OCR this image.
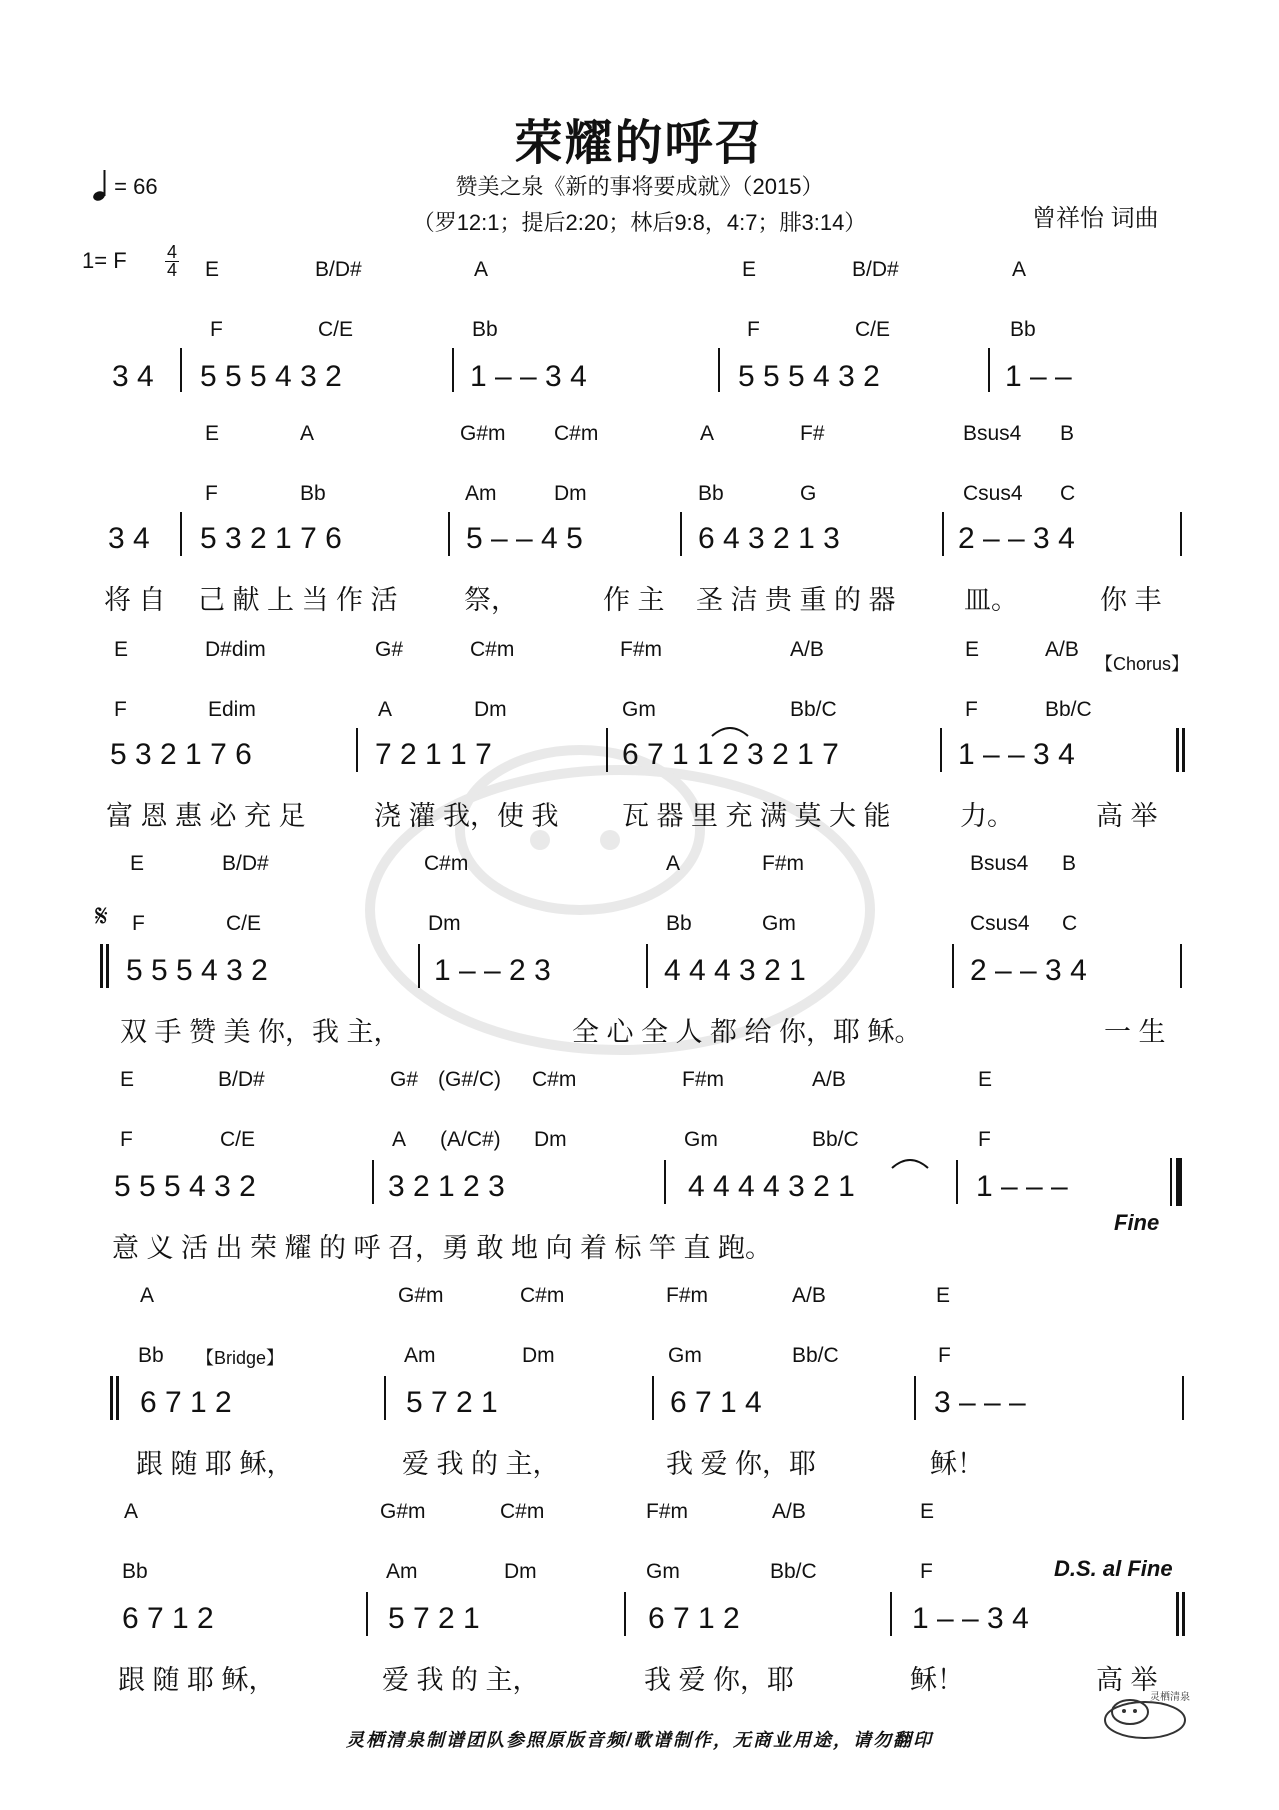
荣耀的呼召
赞美之泉《新的事将要成就》（2015）
（罗12:1；提后2:20；林后9:8，4:7；腓3:14）	曾祥怡 词曲
= 66
1= F 4
4 E	B/D#	A	E	B/D#	A
F	C/E	Bb	F	C/E	Bb
3 4 5 5 5 4 3 2	1 – – 3 4	5 5 5 4 3 2	1 – –
E	A	G#m C#m	A	F#	Bsus4 B
F	Bb	Am	Dm	Bb	G	Csus4 C
3 4 5 3 2 1 7 6	5 – – 4 5	6 4 3 2 1 3	2 – – 3 4
将 自 己 献 上 当 作 活 祭，	作 主 圣 洁 贵 重 的 器	皿。	你 丰
E	D#dim	G#	C#m	F#m	A/B	E	A/B
【Chorus】
F	Edim	A	Dm	Gm	Bb/C	F	Bb/C
5 3 2 1 7 6	7 2 1 1 7	6 7 1 1 2 3 2 1 7	1 – – 3 4
富 恩 惠 必 充 足	浇 灌 我，使 我 瓦 器 里 充 满 莫 大 能	力。	高 举
E	B/D#	C#m	A	F#m	Bsus4 B
𝄋 F	C/E	Dm	Bb	Gm	Csus4 C
5 5 5 4 3 2	1 – – 2 3	4 4 4 3 2 1	2 – – 3 4
双 手 赞 美 你，我 主，	全 心 全 人 都 给 你，耶 稣。	一 生
E	B/D#	G# (G#/C) C#m	F#m	A/B	E
F	C/E	A (A/C#) Dm	Gm	Bb/C	F
5 5 5 4 3 2	3 2 1 2 3	4 4 4 4 3 2 1	1 – – –
Fine
意 义 活 出 荣 耀 的 呼 召，勇 敢 地 向 着 标 竿 直 跑。
A	G#m	C#m	F#m	A/B	E
Bb 【Bridge】	Am	Dm	Gm	Bb/C	F
6 7 1 2	5 7 2 1	6 7 1 4	3 – – –
跟 随 耶 稣，	爱 我 的 主，	我 爱 你，耶	稣！
A	G#m	C#m	F#m	A/B	E
D.S. al Fine
Bb	Am	Dm	Gm	Bb/C	F
6 7 1 2	5 7 2 1	6 7 1 2	1 – – 3 4
跟 随 耶 稣，	爱 我 的 主，	我 爱 你，耶	稣！	高 举
灵栖清泉制谱团队参照原版音频/歌谱制作，无商业用途，请勿翻印
灵栖清泉
